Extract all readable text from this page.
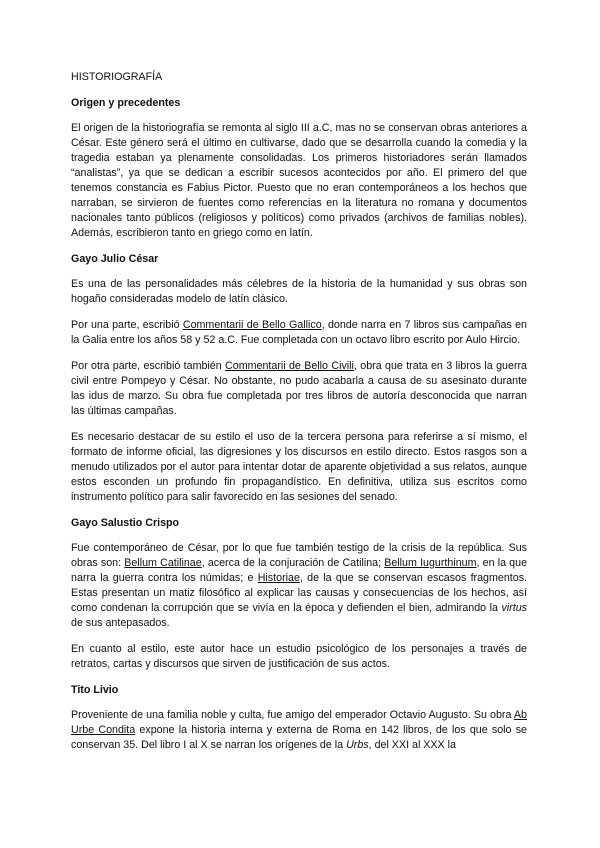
HISTORIOGRAFÍA
Origen y precedentes

El origen de la historiografía se remonta al siglo III a.C, mas no se conservan obras anteriores a César. Este género será el último en cultivarse, dado que se desarrolla cuando la comedia y la tragedia estaban ya plenamente consolidadas. Los primeros historiadores serán llamados “analistas”, ya que se dedican a escribir sucesos acontecidos por año. El primero del que tenemos constancia es Fabius Pictor. Puesto que no eran contemporáneos a los hechos que narraban, se sirvieron de fuentes como referencias en la literatura no romana y documentos nacionales tanto públicos (religiosos y políticos) como privados (archivos de familias nobles). Además, escribieron tanto en griego como en latín.

Gayo Julio César

Es una de las personalidades más célebres de la historia de la humanidad y sus obras son hogaño consideradas modelo de latín clásico.

Por una parte, escribió Commentarii de Bello Gallico, donde narra en 7 libros sus campañas en la Galia entre los años 58 y 52 a.C. Fue completada con un octavo libro escrito por Aulo Hircio.

Por otra parte, escribió también Commentarii de Bello Civili, obra que trata en 3 libros la guerra civil entre Pompeyo y César. No obstante, no pudo acabarla a causa de su asesinato durante las idus de marzo. Su obra fue completada por tres libros de autoría desconocida que narran las últimas campañas.

Es necesario destacar de su estilo el uso de la tercera persona para referirse a sí mismo, el formato de informe oficial, las digresiones y los discursos en estilo directo. Estos rasgos son a menudo utilizados por el autor para intentar dotar de aparente objetividad a sus relatos, aunque estos esconden un profundo fin propagandístico. En definitiva, utiliza sus escritos como instrumento político para salir favorecido en las sesiones del senado.

Gayo Salustio Crispo

Fue contemporáneo de César, por lo que fue también testigo de la crisis de la república. Sus obras son: Bellum Catilinae, acerca de la conjuración de Catilina; Bellum Iugurthinum, en la que narra la guerra contra los númidas; e Historiae, de la que se conservan escasos fragmentos. Estas presentan un matiz filosófico al explicar las causas y consecuencias de los hechos, así como condenan la corrupción que se vivía en la época y defienden el bien, admirando la virtus de sus antepasados.

En cuanto al estilo, este autor hace un estudio psicológico de los personajes a través de retratos, cartas y discursos que sirven de justificación de sus actos.

Tito Livio

Proveniente de una familia noble y culta, fue amigo del emperador Octavio Augusto. Su obra Ab Urbe Condita expone la historia interna y externa de Roma en 142 libros, de los que solo se conservan 35. Del libro I al X se narran los orígenes de la Urbs, del XXI al XXX la
